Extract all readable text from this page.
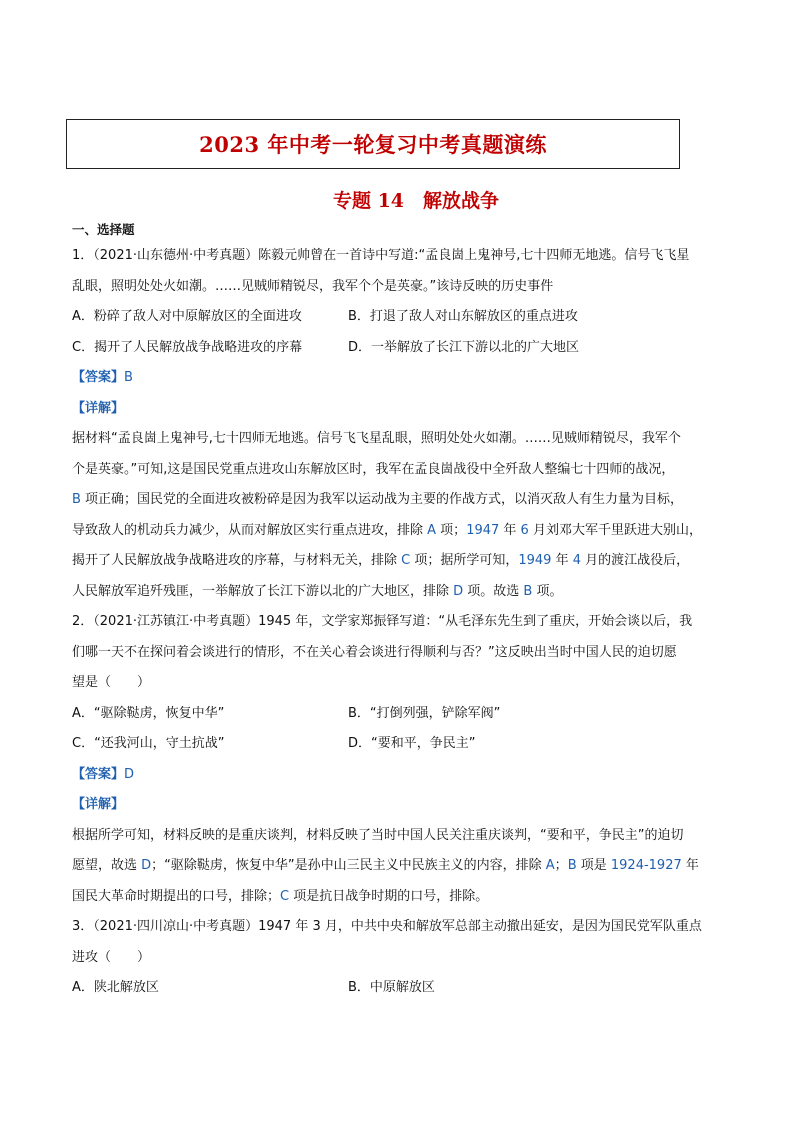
2023 年中考一轮复习中考真题演练
专题 14　解放战争
一、选择题
1．（2021·山东德州·中考真题）陈毅元帅曾在一首诗中写道:“孟良崮上鬼神号,七十四师无地逃。信号飞飞星
乱眼，照明处处火如潮。……见贼师精锐尽，我军个个是英豪。”该诗反映的历史事件
A．粉碎了敌人对中原解放区的全面进攻	B．打退了敌人对山东解放区的重点进攻
C．揭开了人民解放战争战略进攻的序幕	D．一举解放了长江下游以北的广大地区
【答案】B
【详解】
据材料“孟良崮上鬼神号,七十四师无地逃。信号飞飞星乱眼，照明处处火如潮。……见贼师精锐尽，我军个
个是英豪。”可知,这是国民党重点进攻山东解放区时，我军在孟良崮战役中全歼敌人整编七十四师的战况，
B 项正确；国民党的全面进攻被粉碎是因为我军以运动战为主要的作战方式，以消灭敌人有生力量为目标，
导致敌人的机动兵力减少，从而对解放区实行重点进攻，排除 A 项；1947 年 6 月刘邓大军千里跃进大别山，
揭开了人民解放战争战略进攻的序幕，与材料无关，排除 C 项；据所学可知，1949 年 4 月的渡江战役后，
人民解放军追歼残匪，一举解放了长江下游以北的广大地区，排除 D 项。故选 B 项。
2．（2021·江苏镇江·中考真题）1945 年，文学家郑振铎写道：“从毛泽东先生到了重庆，开始会谈以后，我
们哪一天不在探问着会谈进行的情形，不在关心着会谈进行得顺利与否？”这反映出当时中国人民的迫切愿
望是（　　）
A．“驱除鞑虏，恢复中华”	B．“打倒列强，铲除军阀”
C．“还我河山，守土抗战”	D．“要和平，争民主”
【答案】D
【详解】
根据所学可知，材料反映的是重庆谈判，材料反映了当时中国人民关注重庆谈判，“要和平，争民主”的迫切
愿望，故选 D；“驱除鞑虏，恢复中华”是孙中山三民主义中民族主义的内容，排除 A；B 项是 1924-1927 年
国民大革命时期提出的口号，排除；C 项是抗日战争时期的口号，排除。
3．（2021·四川凉山·中考真题）1947 年 3 月，中共中央和解放军总部主动撤出延安，是因为国民党军队重点
进攻（　　）
A．陕北解放区	B．中原解放区
